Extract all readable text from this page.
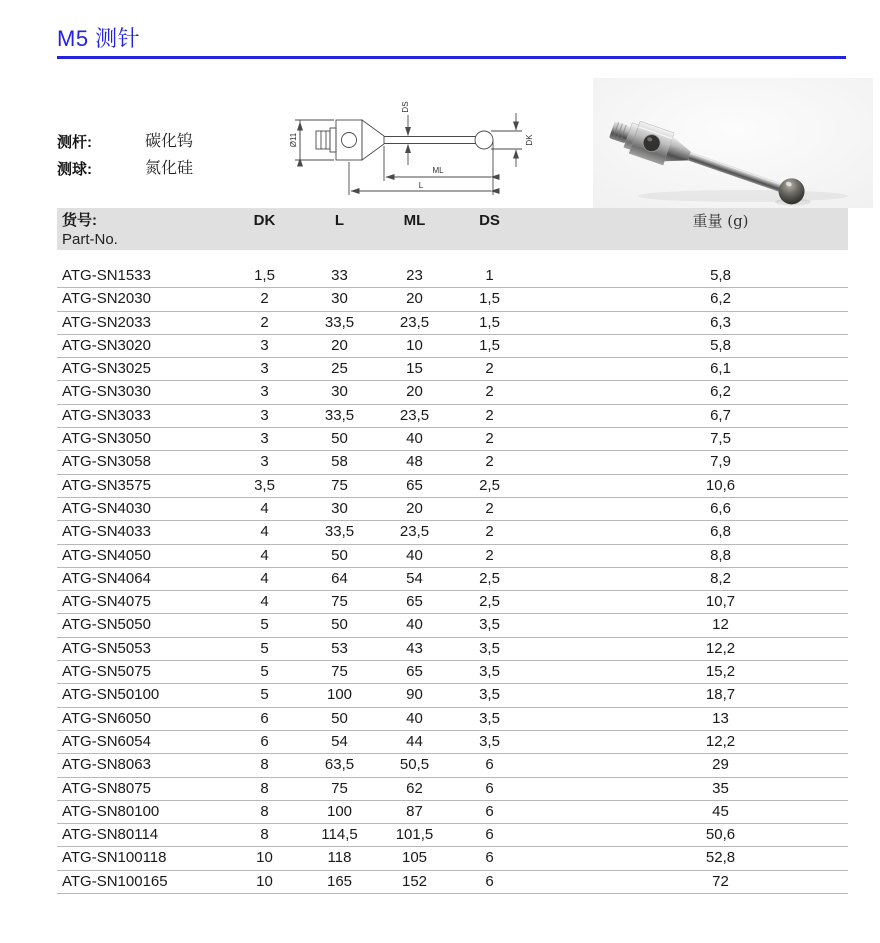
M5 测针
测杆:	碳化钨
测球:	氮化硅
Ø11
DS
DK
ML
L
货号:	DK	L	ML	DS	重量 (g)
Part-No.
ATG-SN1533	1,5	33	23	1	5,8
ATG-SN2030	2	30	20	1,5	6,2
ATG-SN2033	2	33,5	23,5	1,5	6,3
ATG-SN3020	3	20	10	1,5	5,8
ATG-SN3025	3	25	15	2	6,1
ATG-SN3030	3	30	20	2	6,2
ATG-SN3033	3	33,5	23,5	2	6,7
ATG-SN3050	3	50	40	2	7,5
ATG-SN3058	3	58	48	2	7,9
ATG-SN3575	3,5	75	65	2,5	10,6
ATG-SN4030	4	30	20	2	6,6
ATG-SN4033	4	33,5	23,5	2	6,8
ATG-SN4050	4	50	40	2	8,8
ATG-SN4064	4	64	54	2,5	8,2
ATG-SN4075	4	75	65	2,5	10,7
ATG-SN5050	5	50	40	3,5	12
ATG-SN5053	5	53	43	3,5	12,2
ATG-SN5075	5	75	65	3,5	15,2
ATG-SN50100	5	100	90	3,5	18,7
ATG-SN6050	6	50	40	3,5	13
ATG-SN6054	6	54	44	3,5	12,2
ATG-SN8063	8	63,5	50,5	6	29
ATG-SN8075	8	75	62	6	35
ATG-SN80100	8	100	87	6	45
ATG-SN80114	8	114,5	101,5	6	50,6
ATG-SN100118	10	118	105	6	52,8
ATG-SN100165	10	165	152	6	72
